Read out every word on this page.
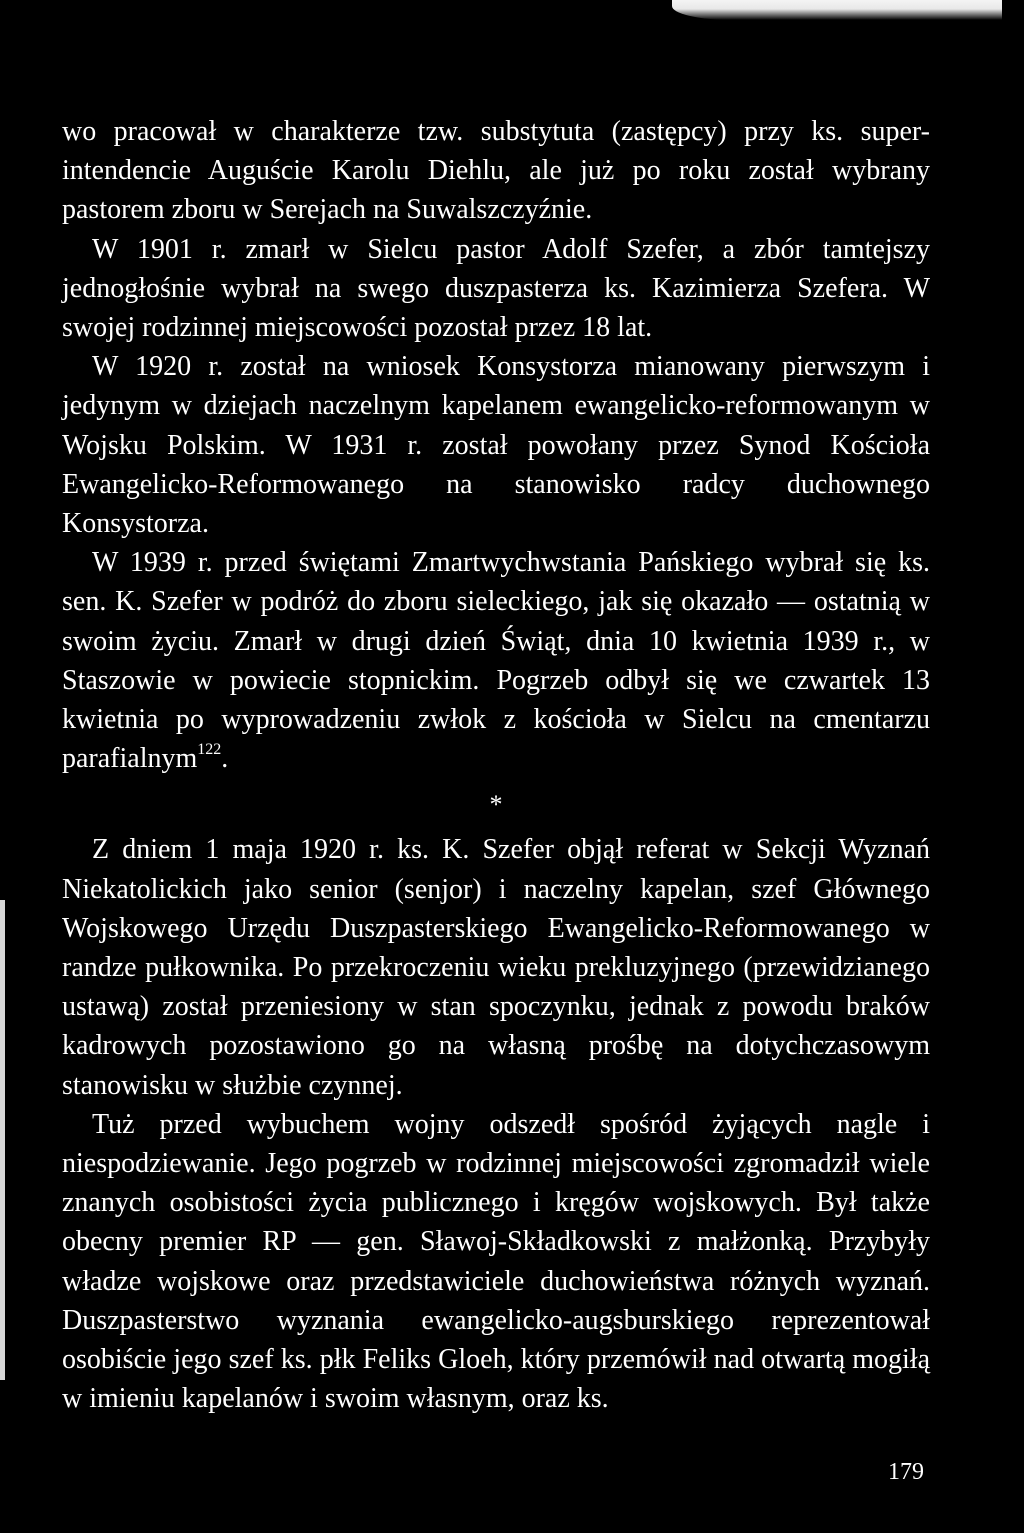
wo pracował w charakterze tzw. substytuta (zastępcy) przy ks. super-intendencie Auguście Karolu Diehlu, ale już po roku został wybrany pastorem zboru w Serejach na Suwalszczyźnie.

W 1901 r. zmarł w Sielcu pastor Adolf Szefer, a zbór tamtejszy jednogłośnie wybrał na swego duszpasterza ks. Kazimierza Szefera. W swojej rodzinnej miejscowości pozostał przez 18 lat.

W 1920 r. został na wniosek Konsystorza mianowany pierwszym i jedynym w dziejach naczelnym kapelanem ewangelicko-reformowanym w Wojsku Polskim. W 1931 r. został powołany przez Synod Kościoła Ewangelicko-Reformowanego na stanowisko radcy duchownego Konsystorza.

W 1939 r. przed świętami Zmartwychwstania Pańskiego wybrał się ks. sen. K. Szefer w podróż do zboru sieleckiego, jak się okazało — ostatnią w swoim życiu. Zmarł w drugi dzień Świąt, dnia 10 kwietnia 1939 r., w Staszowie w powiecie stopnickim. Pogrzeb odbył się we czwartek 13 kwietnia po wyprowadzeniu zwłok z kościoła w Sielcu na cmentarzu parafialnym$^{122}$.

*

Z dniem 1 maja 1920 r. ks. K. Szefer objął referat w Sekcji Wyznań Niekatolickich jako senior (senjor) i naczelny kapelan, szef Głównego Wojskowego Urzędu Duszpasterskiego Ewangelicko-Reformowanego w randze pułkownika. Po przekroczeniu wieku prekluzyjnego (przewidzianego ustawą) został przeniesiony w stan spoczynku, jednak z powodu braków kadrowych pozostawiono go na własną prośbę na dotychczasowym stanowisku w służbie czynnej.

Tuż przed wybuchem wojny odszedł spośród żyjących nagle i niespodziewanie. Jego pogrzeb w rodzinnej miejscowości zgromadził wiele znanych osobistości życia publicznego i kręgów wojskowych. Był także obecny premier RP — gen. Sławoj-Składkowski z małżonką. Przybyły władze wojskowe oraz przedstawiciele duchowieństwa różnych wyznań. Duszpasterstwo wyznania ewangelicko-augsburskiego reprezentował osobiście jego szef ks. płk Feliks Gloeh, który przemówił nad otwartą mogiłą w imieniu kapelanów i swoim własnym, oraz ks.

179
